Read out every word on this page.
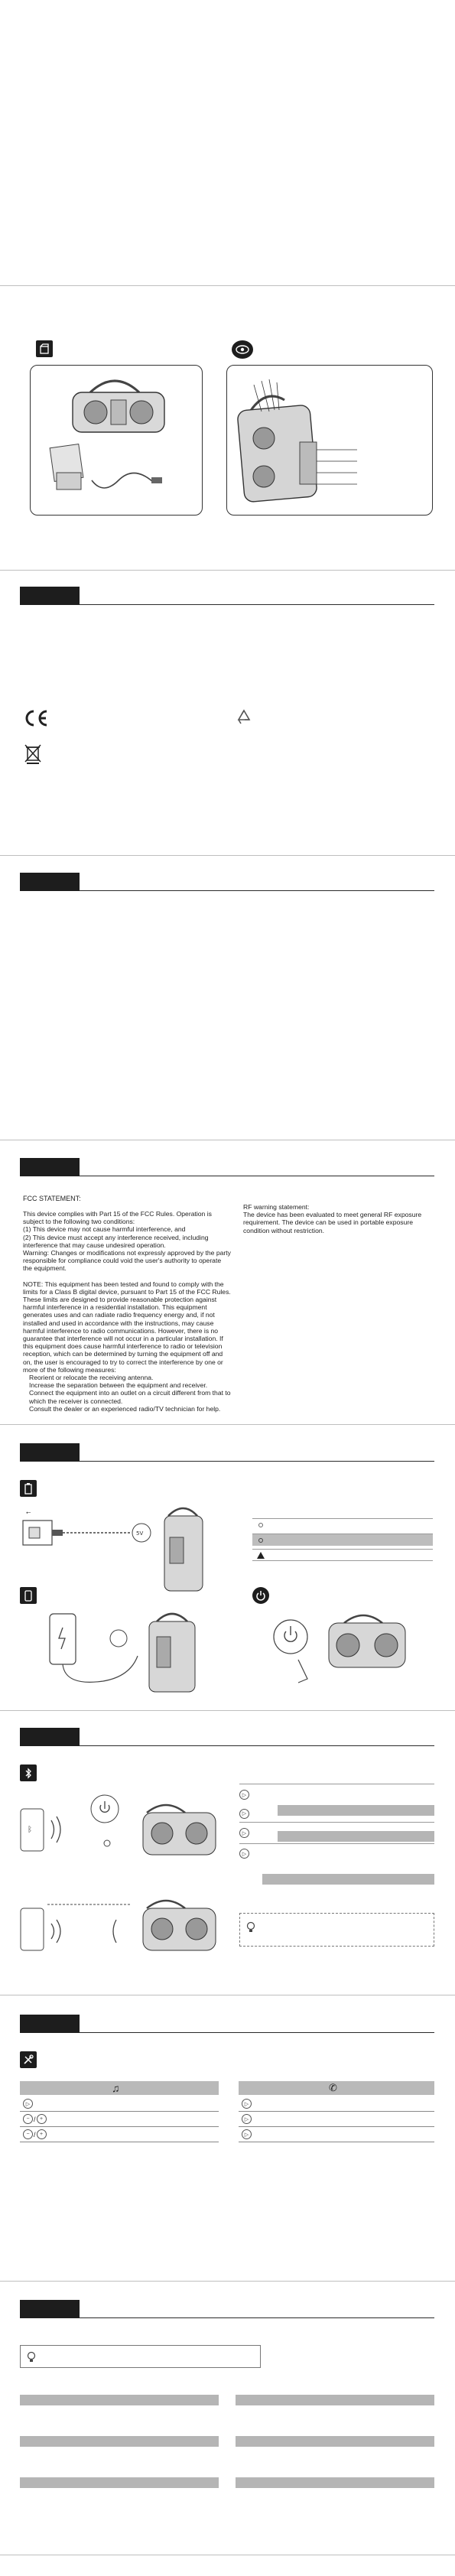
FCC STATEMENT:

This device complies with Part 15 of the FCC Rules. Operation is subject to the following two conditions:

(1) This device may not cause harmful interference, and

(2) This device must accept any interference received, including interference that may cause undesired operation.

Warning: Changes or modifications not expressly approved by the party responsible for compliance could void the user's authority to operate the equipment.

NOTE: This equipment has been tested and found to comply with the limits for a Class B digital device, pursuant to Part 15 of the FCC Rules. These limits are designed to provide reasonable protection against harmful interference in a residential installation. This equipment generates uses and can radiate radio frequency energy and, if not installed and used in accordance with the instructions, may cause harmful interference to radio communications. However, there is no guarantee that interference will not occur in a particular installation. If this equipment does cause harmful interference to radio or television reception, which can be determined by turning the equipment off and on, the user is encouraged to try to correct the interference by one or more of the following measures:

Reorient or relocate the receiving antenna.

Increase the separation between the equipment and receiver.

Connect the equipment into an outlet on a circuit different from that to which the receiver is connected.

Consult the dealer or an experienced radio/TV technician for help.

RF warning statement:

The device has been evaluated to meet general RF exposure requirement. The device can be used in portable exposure condition without restriction.

⭠
5V
ᛒ
▷
▷
▷
▷
♫
▷
− / +
− / +
✆
▷
▷
▷
